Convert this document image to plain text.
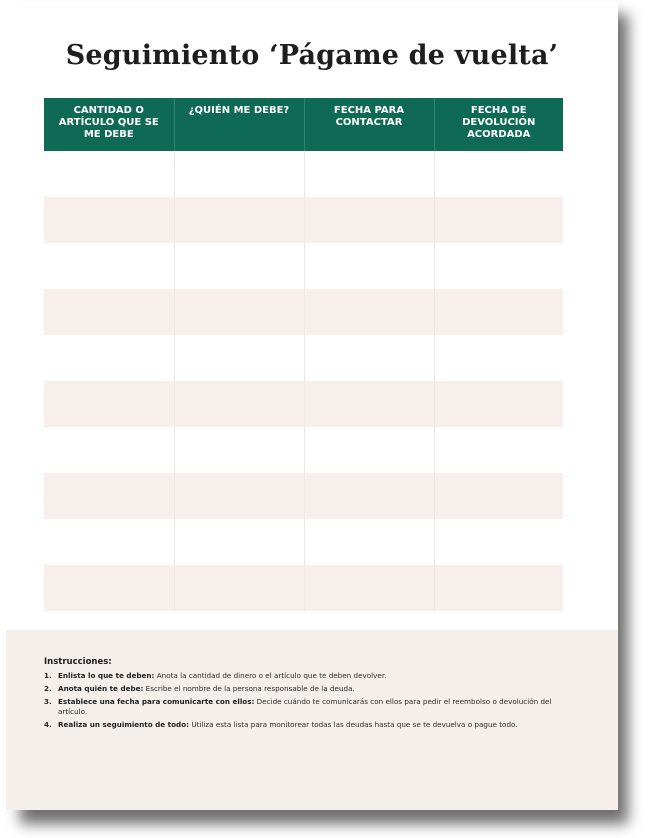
Seguimiento ‘Págame de vuelta’
CANTIDAD O ARTÍCULO QUE SE ME DEBE	¿QUIÉN ME DEBE?	FECHA PARA CONTACTAR	FECHA DE DEVOLUCIÓN ACORDADA

Instrucciones:
1. Enlista lo que te deben: Anota la cantidad de dinero o el artículo que te deben devolver.
2. Anota quién te debe: Escribe el nombre de la persona responsable de la deuda.
3. Establece una fecha para comunicarte con ellos: Decide cuándo te comunicarás con ellos para pedir el reembolso o devolución del artículo.
4. Realiza un seguimiento de todo: Utiliza esta lista para monitorear todas las deudas hasta que se te devuelva o pague todo.
